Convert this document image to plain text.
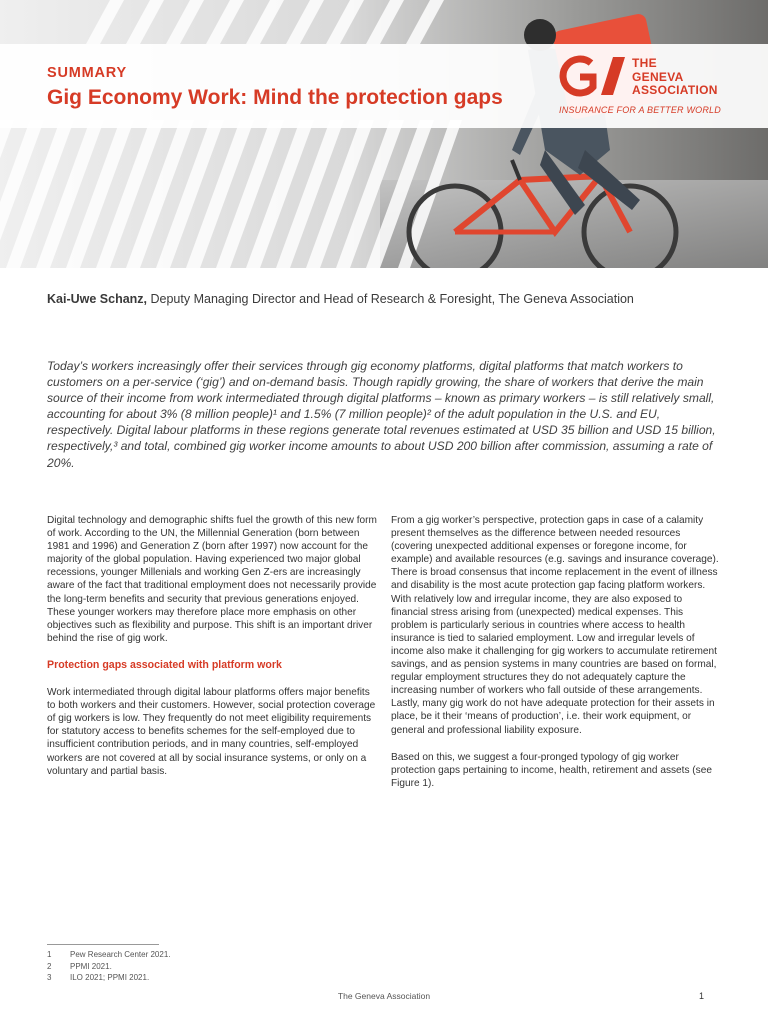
SUMMARY
Gig Economy Work: Mind the protection gaps
THE
GENEVA
ASSOCIATION
INSURANCE FOR A BETTER WORLD
Kai-Uwe Schanz, Deputy Managing Director and Head of Research & Foresight, The Geneva Association
Today’s workers increasingly offer their services through gig economy platforms, digital platforms that match workers to customers on a per-service (‘gig’) and on-demand basis. Though rapidly growing, the share of workers that derive the main source of their income from work intermediated through digital platforms – known as primary workers – is still relatively small, accounting for about 3% (8 million people)¹ and 1.5% (7 million people)² of the adult population in the U.S. and EU, respectively. Digital labour platforms in these regions generate total revenues estimated at USD 35 billion and USD 15 billion, respectively,³ and total, combined gig worker income amounts to about USD 200 billion after commission, assuming a rate of 20%.

Digital technology and demographic shifts fuel the growth of this new form of work. According to the UN, the Millennial Generation (born between 1981 and 1996) and Generation Z (born after 1997) now account for the majority of the global population. Having experienced two major global recessions, younger Millenials and working Gen Z-ers are increasingly aware of the fact that traditional employment does not necessarily provide the long-term benefits and security that previous generations enjoyed. These younger workers may therefore place more emphasis on other objectives such as flexibility and purpose. This shift is an important driver behind the rise of gig work.

Protection gaps associated with platform work

Work intermediated through digital labour platforms offers major benefits to both workers and their customers. However, social protection coverage of gig workers is low. They frequently do not meet eligibility requirements for statutory access to benefits schemes for the self-employed due to insufficient contribution periods, and in many countries, self-employed workers are not covered at all by social insurance systems, or only on a voluntary and partial basis.

From a gig worker’s perspective, protection gaps in case of a calamity present themselves as the difference between needed resources (covering unexpected additional expenses or foregone income, for example) and available resources (e.g. savings and insurance coverage). There is broad consensus that income replacement in the event of illness and disability is the most acute protection gap facing platform workers. With relatively low and irregular income, they are also exposed to financial stress arising from (unexpected) medical expenses. This problem is particularly serious in countries where access to health insurance is tied to salaried employment. Low and irregular levels of income also make it challenging for gig workers to accumulate retirement savings, and as pension systems in many countries are based on formal, regular employment structures they do not adequately capture the increasing number of workers who fall outside of these arrangements. Lastly, many gig work do not have adequate protection for their assets in place, be it their ‘means of production’, i.e. their work equipment, or general and professional liability exposure.

Based on this, we suggest a four-pronged typology of gig worker protection gaps pertaining to income, health, retirement and assets (see Figure 1).

1	Pew Research Center 2021.
2	PPMI 2021.
3	ILO 2021; PPMI 2021.
The Geneva Association	1
